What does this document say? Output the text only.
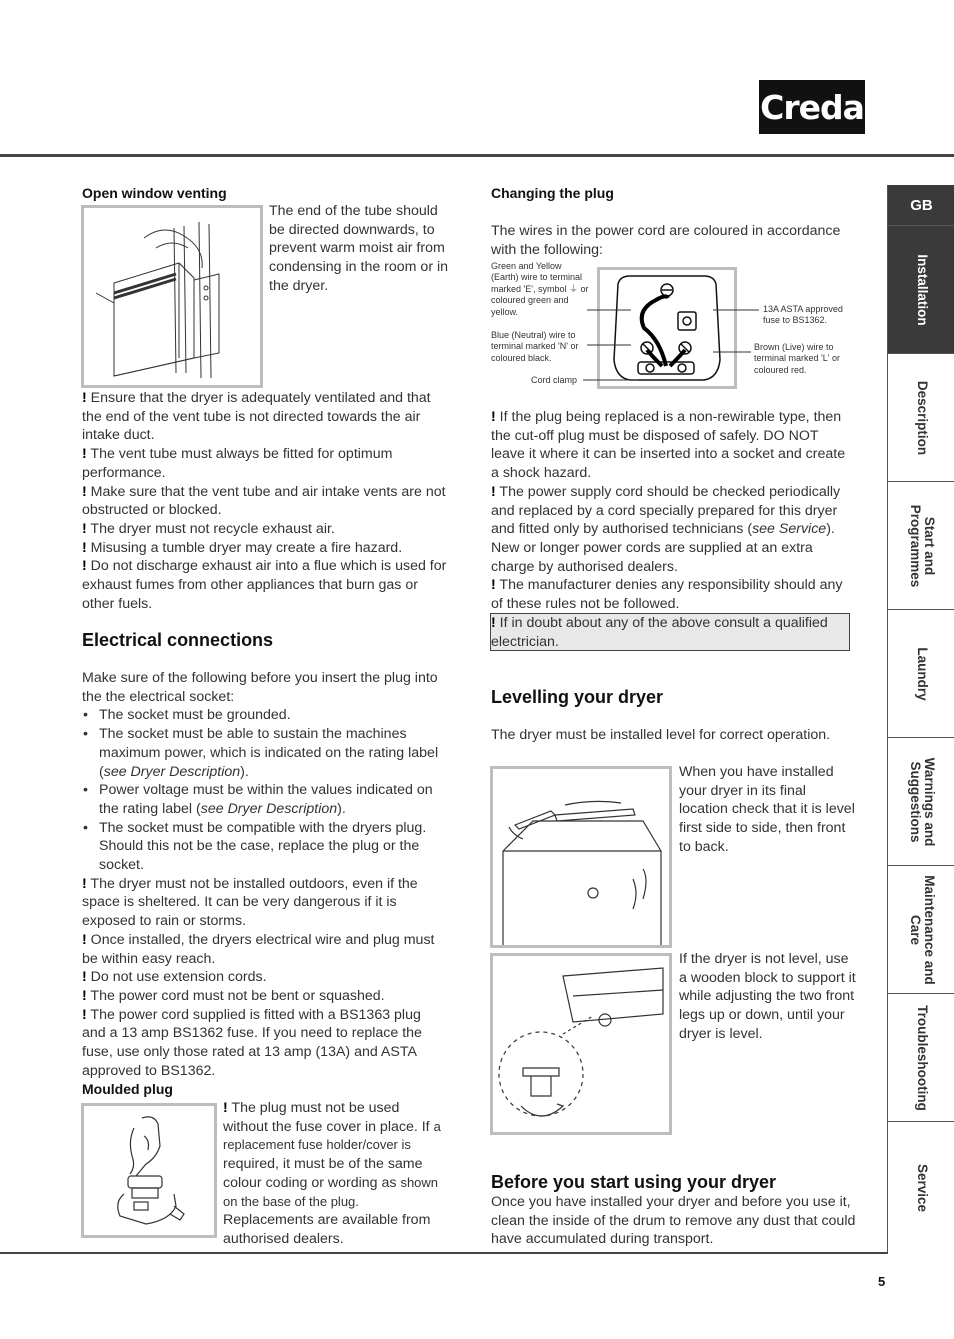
Creda
GB
Installation
Description
Start and
Programmes
Laundry
Warnings and
Suggestions
Maintenance and
Care
Troubleshooting
Service
Open window venting
The end of the tube should be directed downwards, to prevent warm moist air from condensing in the room or in the dryer.
! Ensure that the dryer is adequately ventilated and that the end of the vent tube is not directed towards the air intake duct.
! The vent tube must always be fitted for optimum performance.
! Make sure that the vent tube and air intake vents are not obstructed or blocked.
! The dryer must not recycle exhaust air.
! Misusing a tumble dryer may create a fire hazard.
! Do not discharge exhaust air into a flue which is used for exhaust fumes from other appliances that burn gas or other fuels.
Electrical connections
Make sure of the following before you insert the plug into the the electrical socket:
• The socket must be grounded.
• The socket must be able to sustain the machines maximum power, which is indicated on the rating label (see Dryer Description).
• Power voltage must be within the values indicated on the rating label (see Dryer Description).
• The socket must be compatible with the dryers plug. Should this not be the case, replace the plug or the socket.
! The dryer must not be installed outdoors, even if the space is sheltered. It can be very dangerous if it is exposed to rain or storms.
! Once installed, the dryers electrical wire and plug must be within easy reach.
! Do not use extension cords.
! The power cord must not be bent or squashed.
! The power cord supplied is fitted with a BS1363 plug and a 13 amp BS1362 fuse. If you need to replace the fuse, use only those rated at 13 amp (13A) and ASTA approved to BS1362.
Moulded plug
! The plug must not be used without the fuse cover in place. If a replacement fuse holder/cover is required, it must be of the same colour coding or wording as shown on the base of the plug. Replacements are available from authorised dealers.
Changing the plug
The wires in the power cord are coloured in accordance with the following:
Green and Yellow (Earth) wire to terminal marked 'E', symbol ⏚ or coloured green and yellow.
Blue (Neutral) wire to terminal marked 'N' or coloured black.
Cord clamp
13A ASTA approved fuse to BS1362.
Brown (Live) wire to terminal marked 'L' or coloured red.
! If the plug being replaced is a non-rewirable type, then the cut-off plug must be disposed of safely. DO NOT leave it where it can be inserted into a socket and create a shock hazard.
! The power supply cord should be checked periodically and replaced by a cord specially prepared for this dryer and fitted only by authorised technicians (see Service). New or longer power cords are supplied at an extra charge by authorised dealers.
! The manufacturer denies any responsibility should any of these rules not be followed.
! If in doubt about any of the above consult a qualified electrician.
Levelling your dryer
The dryer must be installed level for correct operation.
When you have installed your dryer in its final location check that it is level first side to side, then front to back.
If the dryer is not level, use a wooden block to support it while adjusting the two front legs up or down, until your dryer is level.
Before you start using your dryer
Once you have installed your dryer and before you use it, clean the inside of the drum to remove any dust that could have accumulated during transport.
5
